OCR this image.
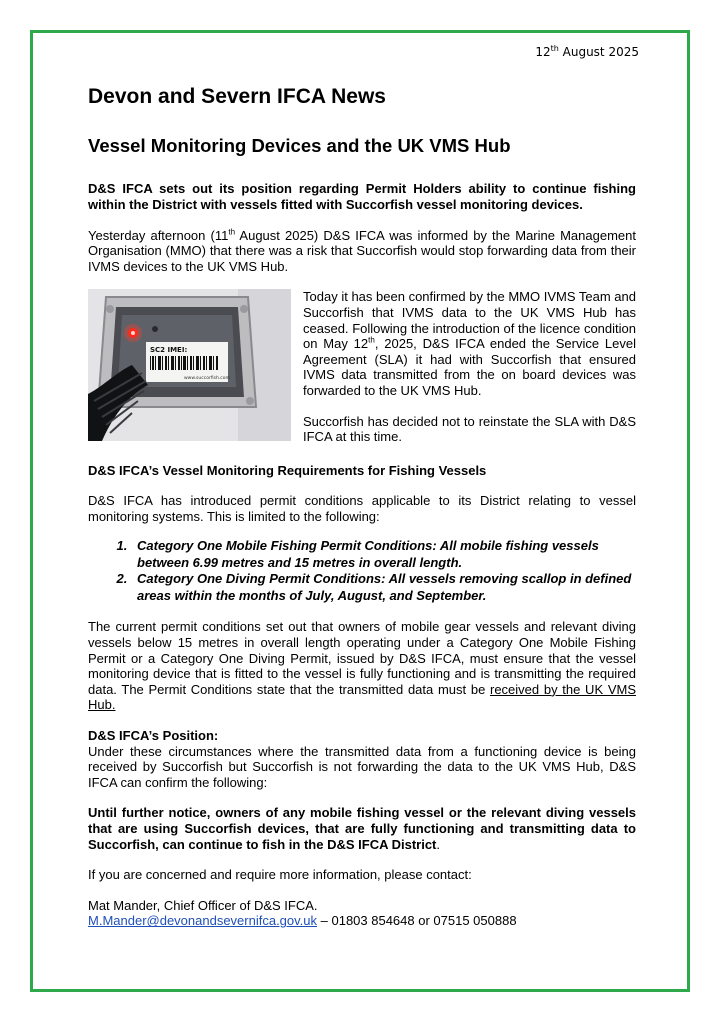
12th August 2025
Devon and Severn IFCA News
Vessel Monitoring Devices and the UK VMS Hub

D&S IFCA sets out its position regarding Permit Holders ability to continue fishing within the District with vessels fitted with Succorfish vessel monitoring devices.

Yesterday afternoon (11th August 2025) D&S IFCA was informed by the Marine Management Organisation (MMO) that there was a risk that Succorfish would stop forwarding data from their IVMS devices to the UK VMS Hub.

SC2 IMEI:
www.succorfish.com

Today it has been confirmed by the MMO IVMS Team and Succorfish that IVMS data to the UK VMS Hub has ceased. Following the introduction of the licence condition on May 12th, 2025, D&S IFCA ended the Service Level Agreement (SLA) it had with Succorfish that ensured IVMS data transmitted from the on board devices was forwarded to the UK VMS Hub.

Succorfish has decided not to reinstate the SLA with D&S IFCA at this time.

D&S IFCA’s Vessel Monitoring Requirements for Fishing Vessels

D&S IFCA has introduced permit conditions applicable to its District relating to vessel monitoring systems. This is limited to the following:

1. Category One Mobile Fishing Permit Conditions: All mobile fishing vessels between 6.99 metres and 15 metres in overall length.
2. Category One Diving Permit Conditions: All vessels removing scallop in defined areas within the months of July, August, and September.

The current permit conditions set out that owners of mobile gear vessels and relevant diving vessels below 15 metres in overall length operating under a Category One Mobile Fishing Permit or a Category One Diving Permit, issued by D&S IFCA, must ensure that the vessel monitoring device that is fitted to the vessel is fully functioning and is transmitting the required data. The Permit Conditions state that the transmitted data must be received by the UK VMS Hub.

D&S IFCA’s Position:

Under these circumstances where the transmitted data from a functioning device is being received by Succorfish but Succorfish is not forwarding the data to the UK VMS Hub, D&S IFCA can confirm the following:

Until further notice, owners of any mobile fishing vessel or the relevant diving vessels that are using Succorfish devices, that are fully functioning and transmitting data to Succorfish, can continue to fish in the D&S IFCA District.

If you are concerned and require more information, please contact:

Mat Mander, Chief Officer of D&S IFCA.

M.Mander@devonandsevernifca.gov.uk – 01803 854648 or 07515 050888
